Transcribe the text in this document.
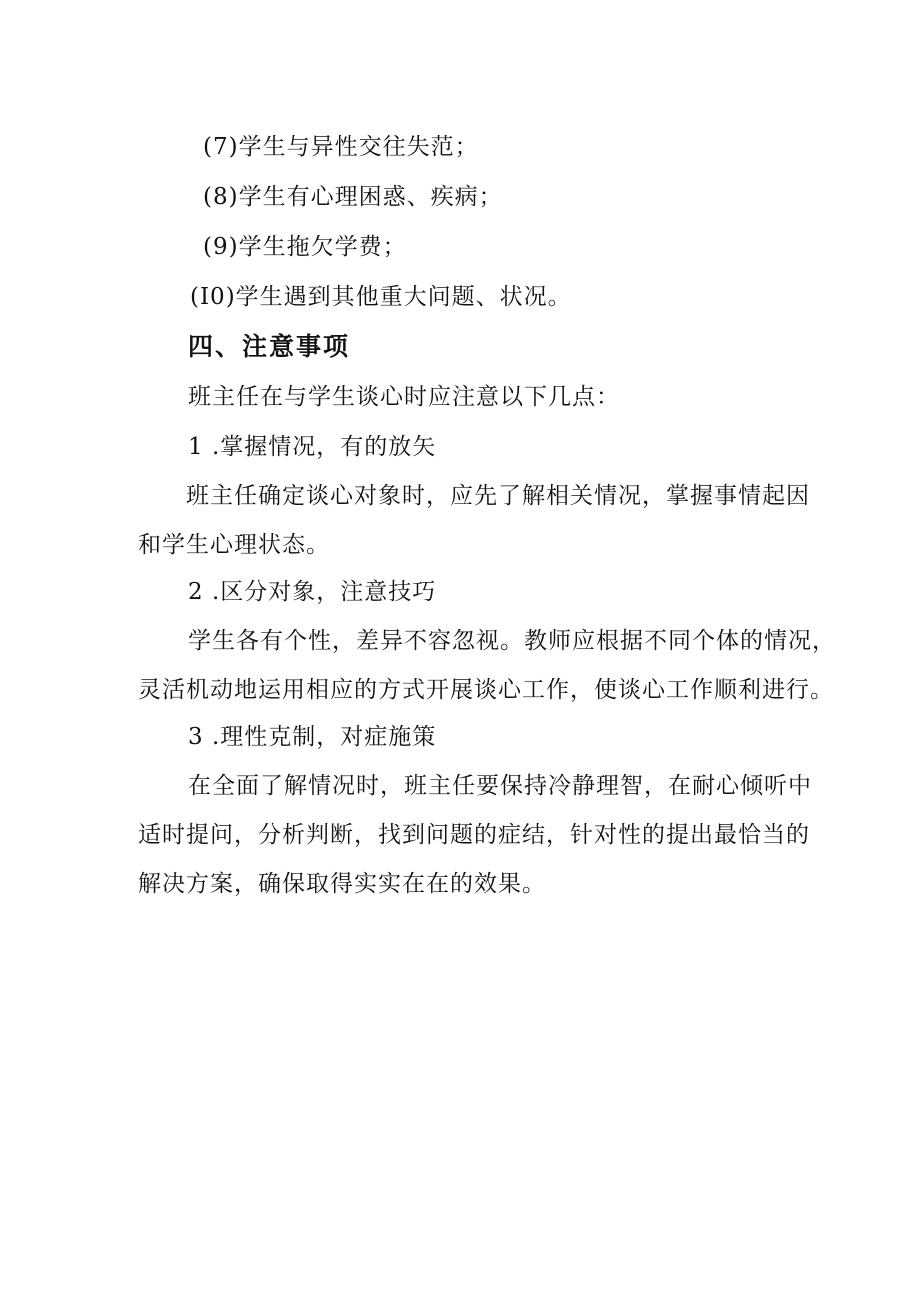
(7)学生与异性交往失范；
(8)学生有心理困惑、疾病；
(9)学生拖欠学费；
(I0)学生遇到其他重大问题、状况。
四、注意事项
班主任在与学生谈心时应注意以下几点：
1 .掌握情况，有的放矢
班主任确定谈心对象时，应先了解相关情况，掌握事情起因
和学生心理状态。
2 .区分对象，注意技巧
学生各有个性，差异不容忽视。教师应根据不同个体的情况，
灵活机动地运用相应的方式开展谈心工作，使谈心工作顺利进行。
3 .理性克制，对症施策
在全面了解情况时，班主任要保持冷静理智，在耐心倾听中
适时提问，分析判断，找到问题的症结，针对性的提出最恰当的
解决方案，确保取得实实在在的效果。
